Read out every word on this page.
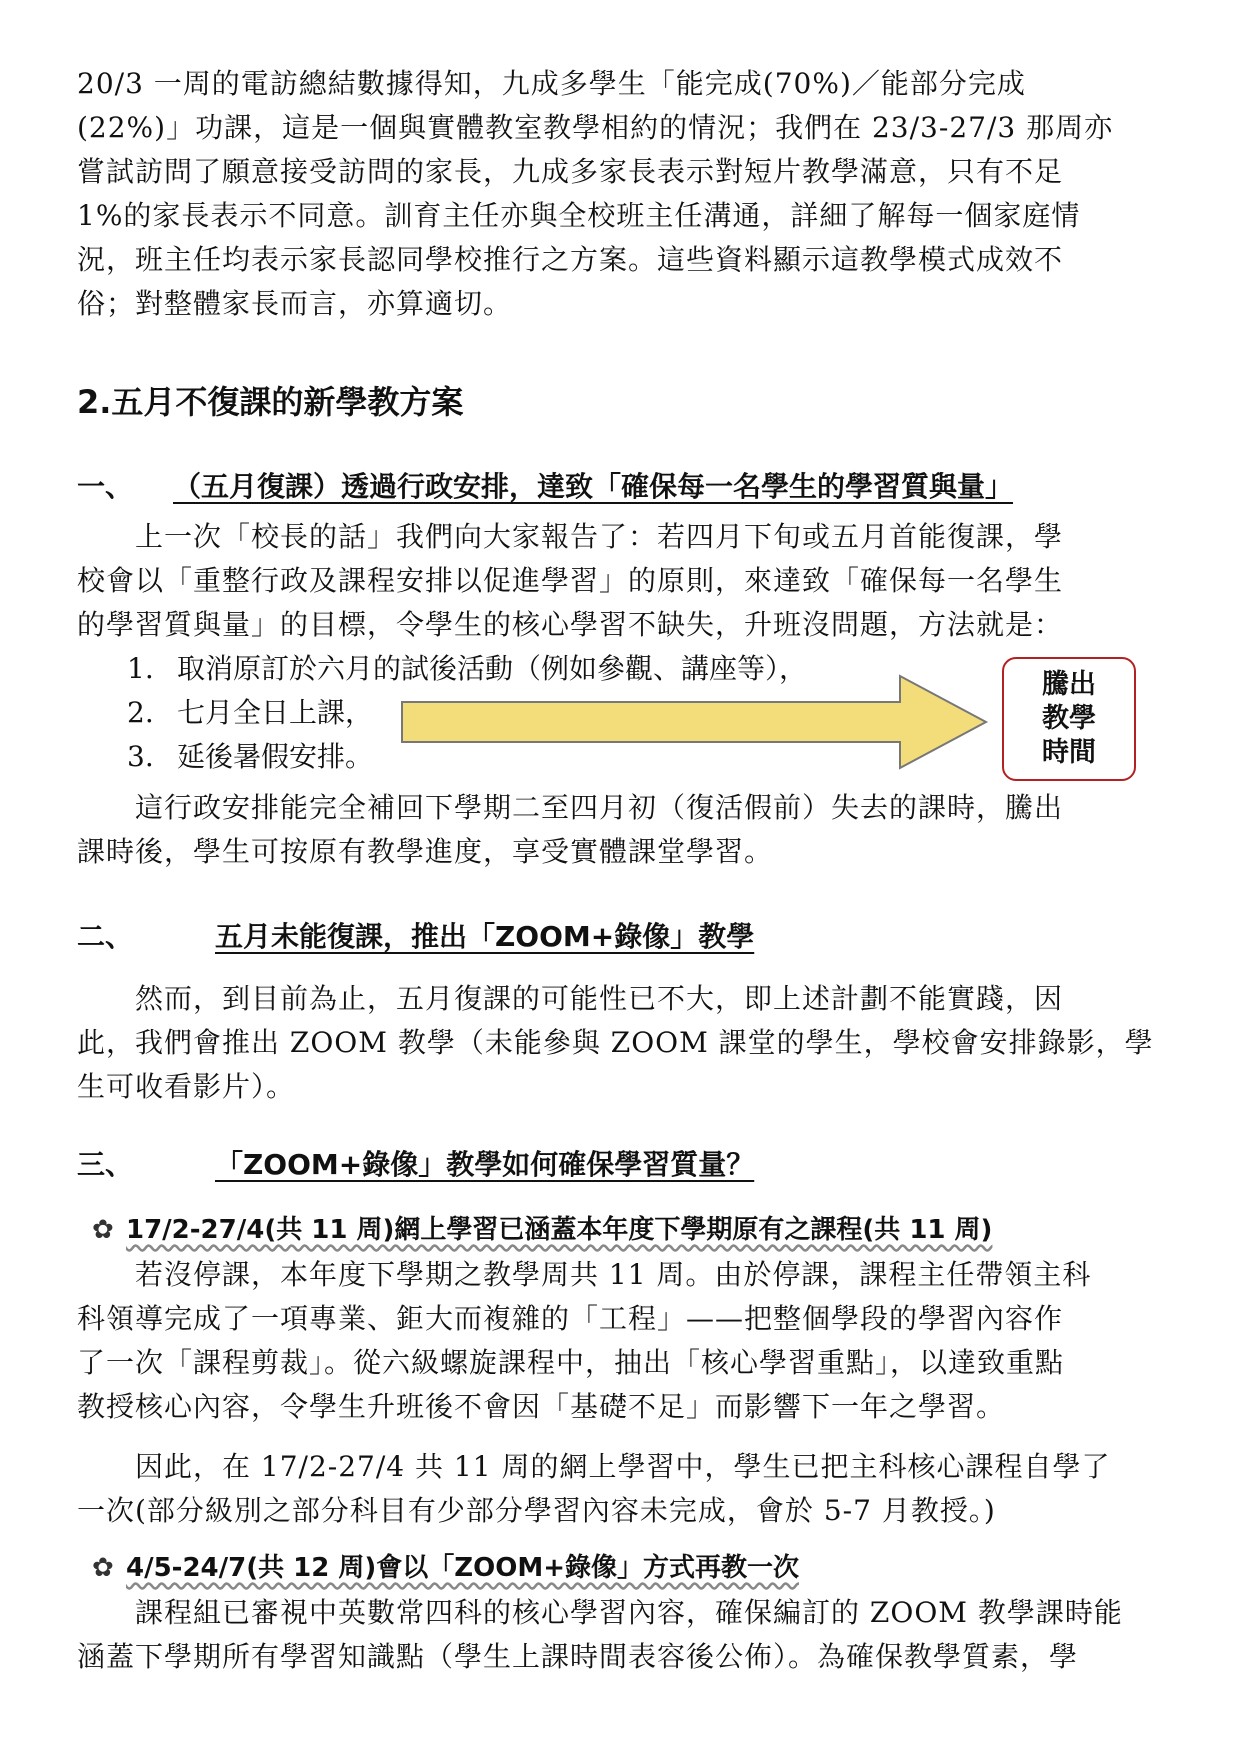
20/3 一周的電訪總結數據得知，九成多學生「能完成(70%)／能部分完成

(22%)」功課，這是一個與實體教室教學相約的情況；我們在 23/3-27/3 那周亦

嘗試訪問了願意接受訪問的家長，九成多家長表示對短片教學滿意，只有不足

1%的家長表示不同意。訓育主任亦與全校班主任溝通，詳細了解每一個家庭情

況，班主任均表示家長認同學校推行之方案。這些資料顯示這教學模式成效不

俗；對整體家長而言，亦算適切。

2.五月不復課的新學教方案
一、 （五月復課）透過行政安排，達致「確保每一名學生的學習質與量」

上一次「校長的話」我們向大家報告了：若四月下旬或五月首能復課，學

校會以「重整行政及課程安排以促進學習」的原則，來達致「確保每一名學生

的學習質與量」的目標，令學生的核心學習不缺失，升班沒問題，方法就是：

1. 取消原訂於六月的試後活動（例如參觀、講座等），
2. 七月全日上課，
3. 延後暑假安排。
騰出
教學
時間

這行政安排能完全補回下學期二至四月初（復活假前）失去的課時，騰出

課時後，學生可按原有教學進度，享受實體課堂學習。

二、	五月未能復課，推出「ZOOM+錄像」教學

然而，到目前為止，五月復課的可能性已不大，即上述計劃不能實踐，因

此，我們會推出 ZOOM 教學（未能參與 ZOOM 課堂的學生，學校會安排錄影，學

生可收看影片）。

三、	「ZOOM+錄像」教學如何確保學習質量？
✿ 17/2-27/4(共 11 周)網上學習已涵蓋本年度下學期原有之課程(共 11 周)

若沒停課，本年度下學期之教學周共 11 周。由於停課，課程主任帶領主科

科領導完成了一項專業、鉅大而複雜的「工程」——把整個學段的學習內容作

了一次「課程剪裁」。從六級螺旋課程中，抽出「核心學習重點」，以達致重點

教授核心內容，令學生升班後不會因「基礎不足」而影響下一年之學習。

因此，在 17/2-27/4 共 11 周的網上學習中，學生已把主科核心課程自學了

一次(部分級別之部分科目有少部分學習內容未完成，會於 5-7 月教授。)

✿ 4/5-24/7(共 12 周)會以「ZOOM+錄像」方式再教一次

課程組已審視中英數常四科的核心學習內容，確保編訂的 ZOOM 教學課時能

涵蓋下學期所有學習知識點（學生上課時間表容後公佈）。為確保教學質素，學
